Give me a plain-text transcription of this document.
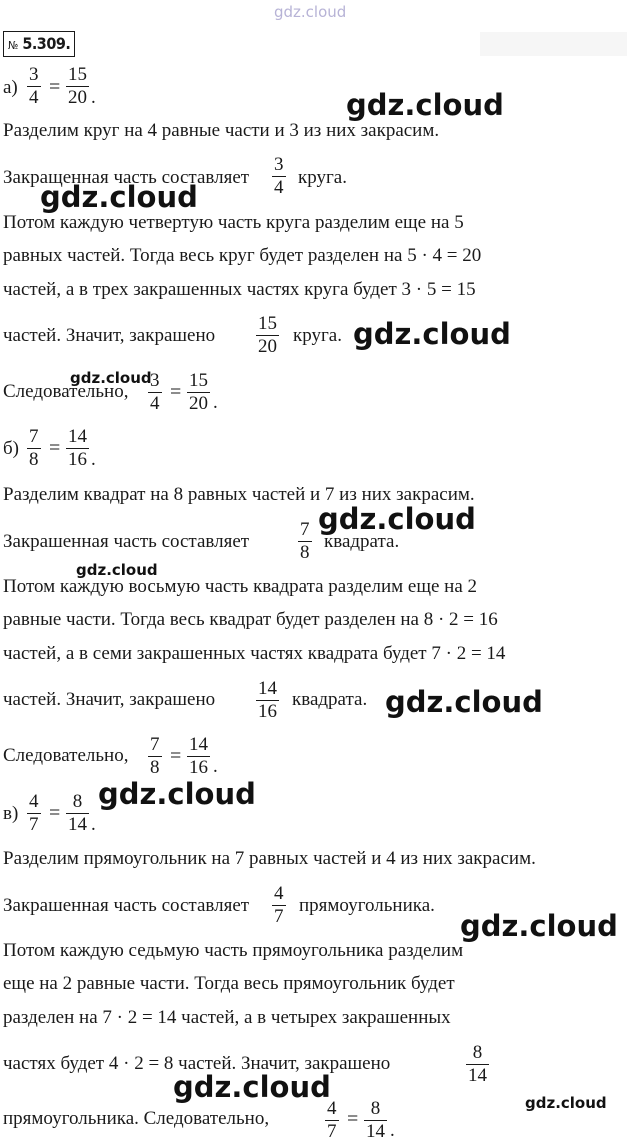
gdz.cloud
№ 5.309.
$а) \frac{3}{4} = \frac{15}{20}$ .
Разделим круг на 4 равные части и 3 из них закрасим.
Закращенная часть составляет $\frac{3}{4}$ круга.
Потом каждую четвертую часть круга разделим еще на 5
равных частей. Тогда весь круг будет разделен на 5 · 4 = 20
частей, а в трех закрашенных частях круга будет 3 · 5 = 15
частей. Значит, закрашено $\frac{15}{20}$ круга.
Следовательно, $\frac{3}{4} = \frac{15}{20}$ .
$б) \frac{7}{8} = \frac{14}{16}$ .
Разделим квадрат на 8 равных частей и 7 из них закрасим.
Закрашенная часть составляет	$\frac{7}{8}$ квадрата.
Потом каждую восьмую часть квадрата разделим еще на 2
равные части. Тогда весь квадрат будет разделен на 8 · 2 = 16
частей, а в семи закрашенных частях квадрата будет 7 · 2 = 14
частей. Значит, закрашено $\frac{14}{16}$ квадрата.
Следовательно, $\frac{7}{8} = \frac{14}{16}$ .
$в) \frac{4}{7} = \frac{8}{14}$ .
Разделим прямоугольник на 7 равных частей и 4 из них закрасим.
Закрашенная часть составляет $\frac{4}{7}$ прямоугольника.
Потом каждую седьмую часть прямоугольника разделим
еще на 2 равные части. Тогда весь прямоугольник будет
разделен на 7 · 2 = 14 частей, а в четырех закрашенных
частях будет 4 · 2 = 8 частей. Значит, закрашено	$\frac{8}{14}$
прямоугольника. Следовательно,	$\frac{4}{7} = \frac{8}{14}$ .
gdz.cloud
gdz.cloud
gdz.cloud
gdz.cloud
gdz.cloud
gdz.cloud
gdz.cloud
gdz.cloud
gdz.cloud
gdz.cloud	gdz.cloud
